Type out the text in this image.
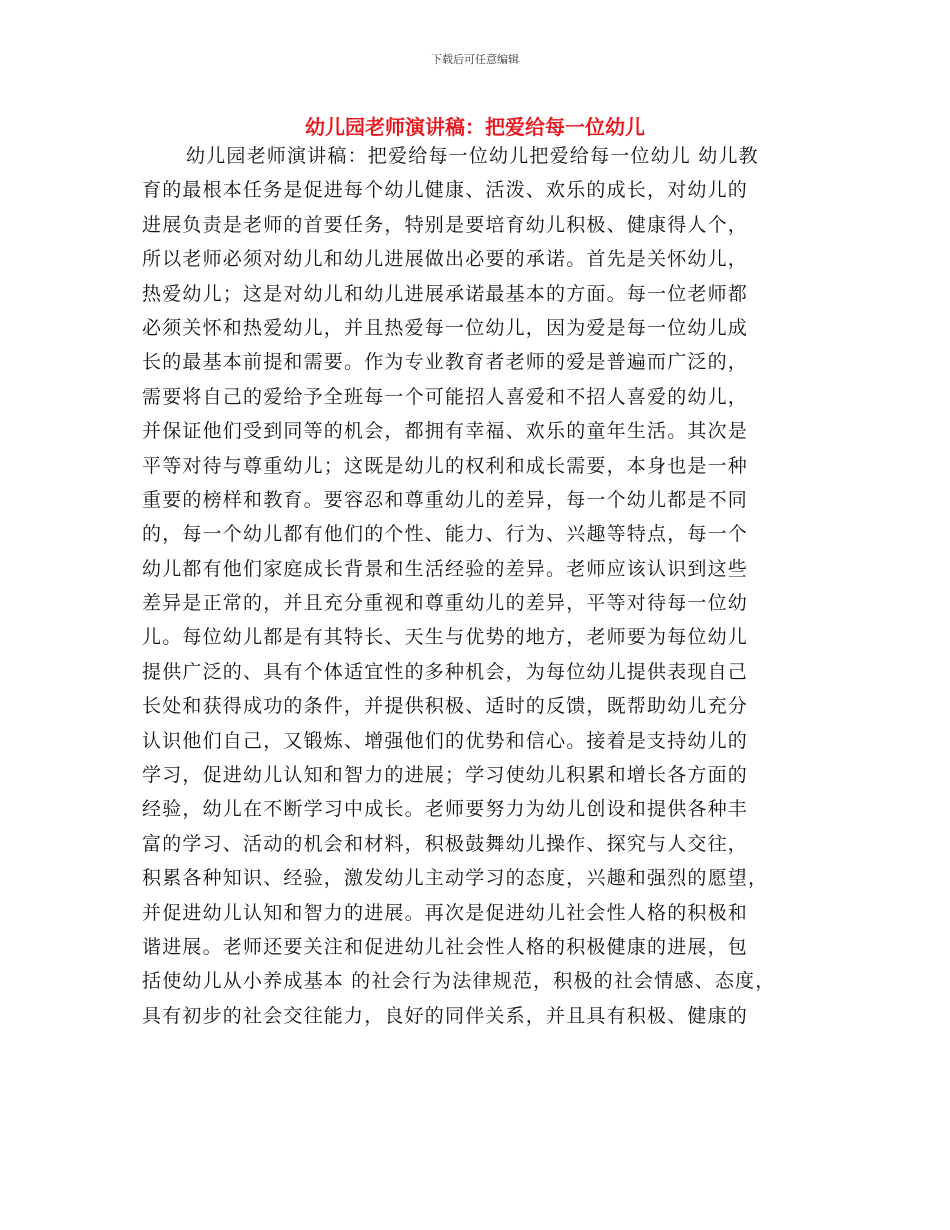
下载后可任意编辑
幼儿园老师演讲稿：把爱给每一位幼儿
幼儿园老师演讲稿：把爱给每一位幼儿把爱给每一位幼儿 幼儿教
育的最根本任务是促进每个幼儿健康、活泼、欢乐的成长，对幼儿的
进展负责是老师的首要任务，特别是要培育幼儿积极、健康得人个，
所以老师必须对幼儿和幼儿进展做出必要的承诺。首先是关怀幼儿，
热爱幼儿；这是对幼儿和幼儿进展承诺最基本的方面。每一位老师都
必须关怀和热爱幼儿，并且热爱每一位幼儿，因为爱是每一位幼儿成
长的最基本前提和需要。作为专业教育者老师的爱是普遍而广泛的，
需要将自己的爱给予全班每一个可能招人喜爱和不招人喜爱的幼儿，
并保证他们受到同等的机会，都拥有幸福、欢乐的童年生活。其次是
平等对待与尊重幼儿；这既是幼儿的权利和成长需要，本身也是一种
重要的榜样和教育。要容忍和尊重幼儿的差异，每一个幼儿都是不同
的，每一个幼儿都有他们的个性、能力、行为、兴趣等特点，每一个
幼儿都有他们家庭成长背景和生活经验的差异。老师应该认识到这些
差异是正常的，并且充分重视和尊重幼儿的差异，平等对待每一位幼
儿。每位幼儿都是有其特长、天生与优势的地方，老师要为每位幼儿
提供广泛的、具有个体适宜性的多种机会，为每位幼儿提供表现自己
长处和获得成功的条件，并提供积极、适时的反馈，既帮助幼儿充分
认识他们自己，又锻炼、增强他们的优势和信心。接着是支持幼儿的
学习，促进幼儿认知和智力的进展；学习使幼儿积累和增长各方面的
经验，幼儿在不断学习中成长。老师要努力为幼儿创设和提供各种丰
富的学习、活动的机会和材料，积极鼓舞幼儿操作、探究与人交往，
积累各种知识、经验，激发幼儿主动学习的态度，兴趣和强烈的愿望，
并促进幼儿认知和智力的进展。再次是促进幼儿社会性人格的积极和
谐进展。老师还要关注和促进幼儿社会性人格的积极健康的进展，包
括使幼儿从小养成基本 的社会行为法律规范，积极的社会情感、态度，
具有初步的社会交往能力，良好的同伴关系，并且具有积极、健康的
